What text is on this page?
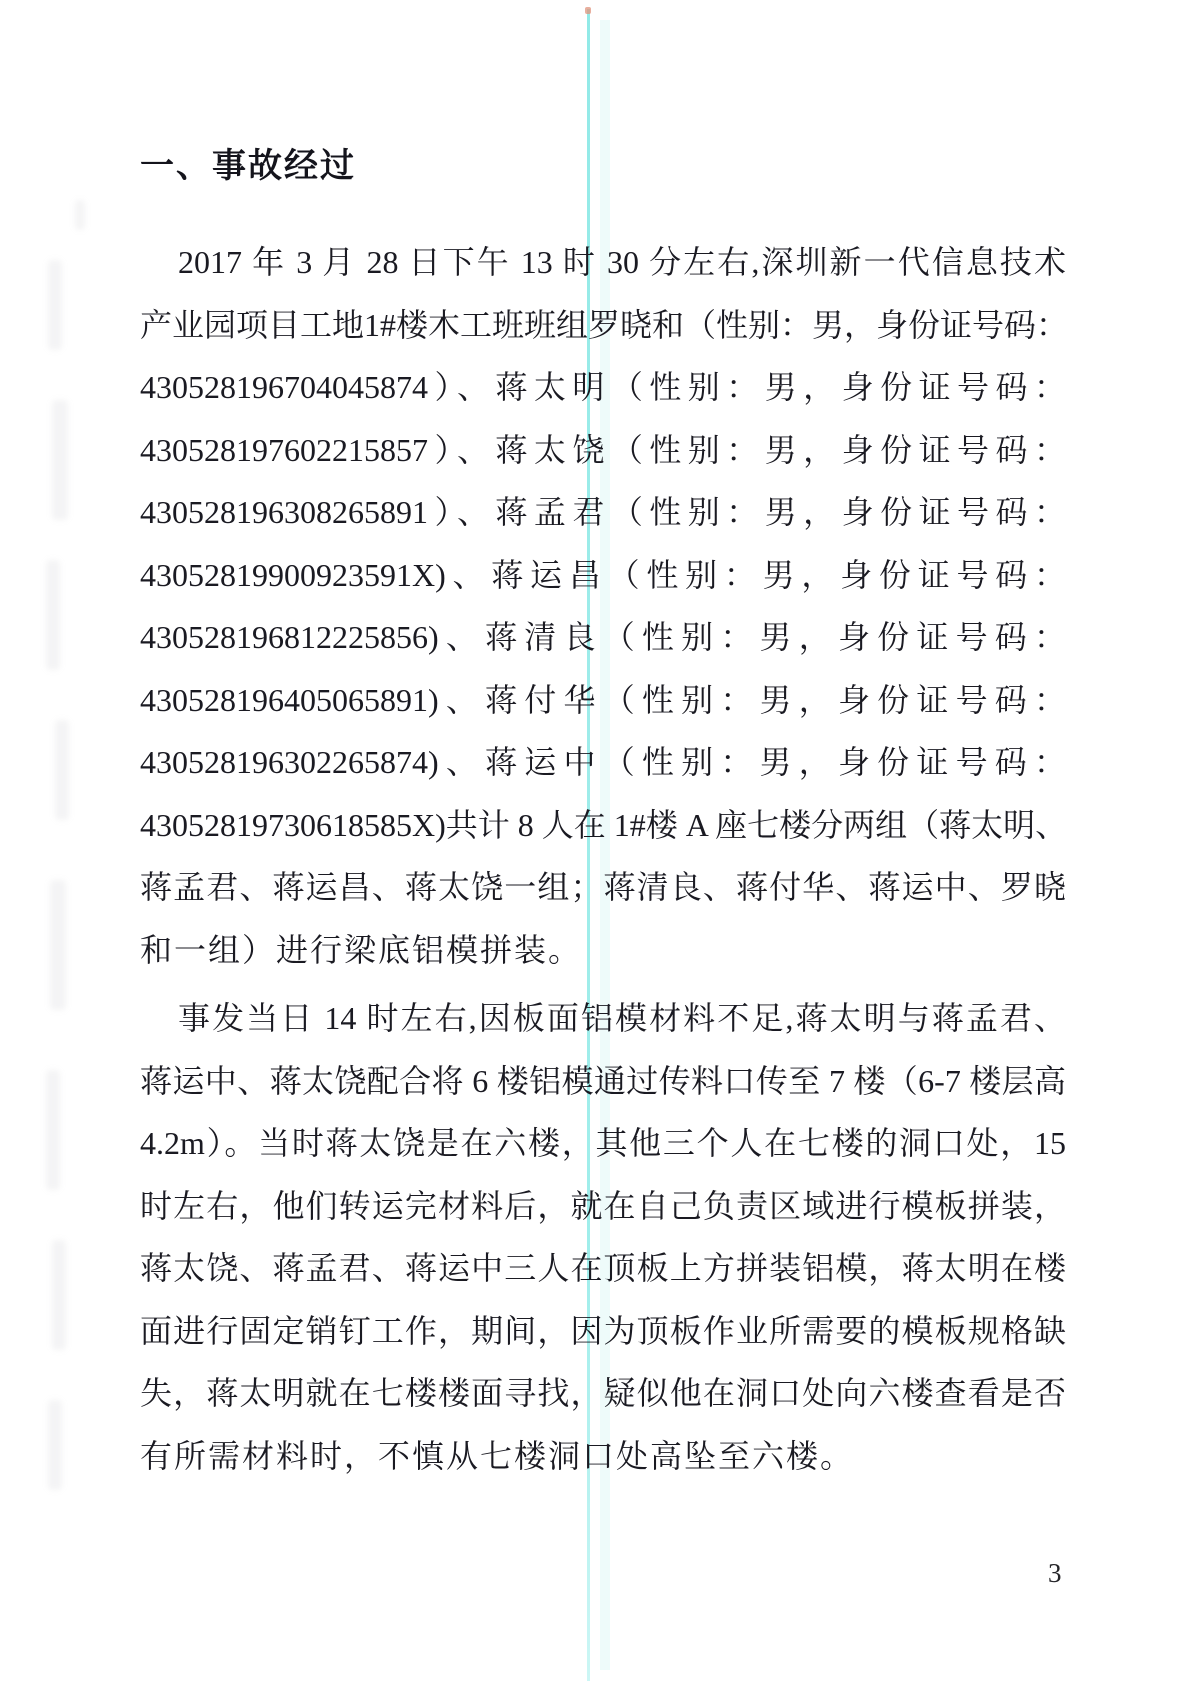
一、事故经过
2017 年 3 月 28 日下午 13 时 30 分左右,深圳新一代信息技术
产业园项目工地1#楼木工班班组罗晓和（性别：男，身份证号码：
430528196704045874）、蒋太明（性别：男，身份证号码：
430528197602215857）、蒋太饶（性别：男，身份证号码：
430528196308265891）、蒋孟君（性别：男，身份证号码：
43052819900923591X)、蒋运昌（性别：男，身份证号码：
430528196812225856)、蒋清良（性别：男，身份证号码：
430528196405065891)、蒋付华（性别：男，身份证号码：
430528196302265874)、蒋运中（性别：男，身份证号码：
43052819730618585X)共计 8 人在 1#楼 A 座七楼分两组（蒋太明、
蒋孟君、蒋运昌、蒋太饶一组；蒋清良、蒋付华、蒋运中、罗晓
和一组）进行梁底铝模拼装。
事发当日 14 时左右,因板面铝模材料不足,蒋太明与蒋孟君、
蒋运中、蒋太饶配合将 6 楼铝模通过传料口传至 7 楼（6-7 楼层高
4.2m）。当时蒋太饶是在六楼，其他三个人在七楼的洞口处，15
时左右，他们转运完材料后，就在自己负责区域进行模板拼装，
蒋太饶、蒋孟君、蒋运中三人在顶板上方拼装铝模，蒋太明在楼
面进行固定销钉工作，期间，因为顶板作业所需要的模板规格缺
失，蒋太明就在七楼楼面寻找，疑似他在洞口处向六楼查看是否
有所需材料时，不慎从七楼洞口处高坠至六楼。
3
